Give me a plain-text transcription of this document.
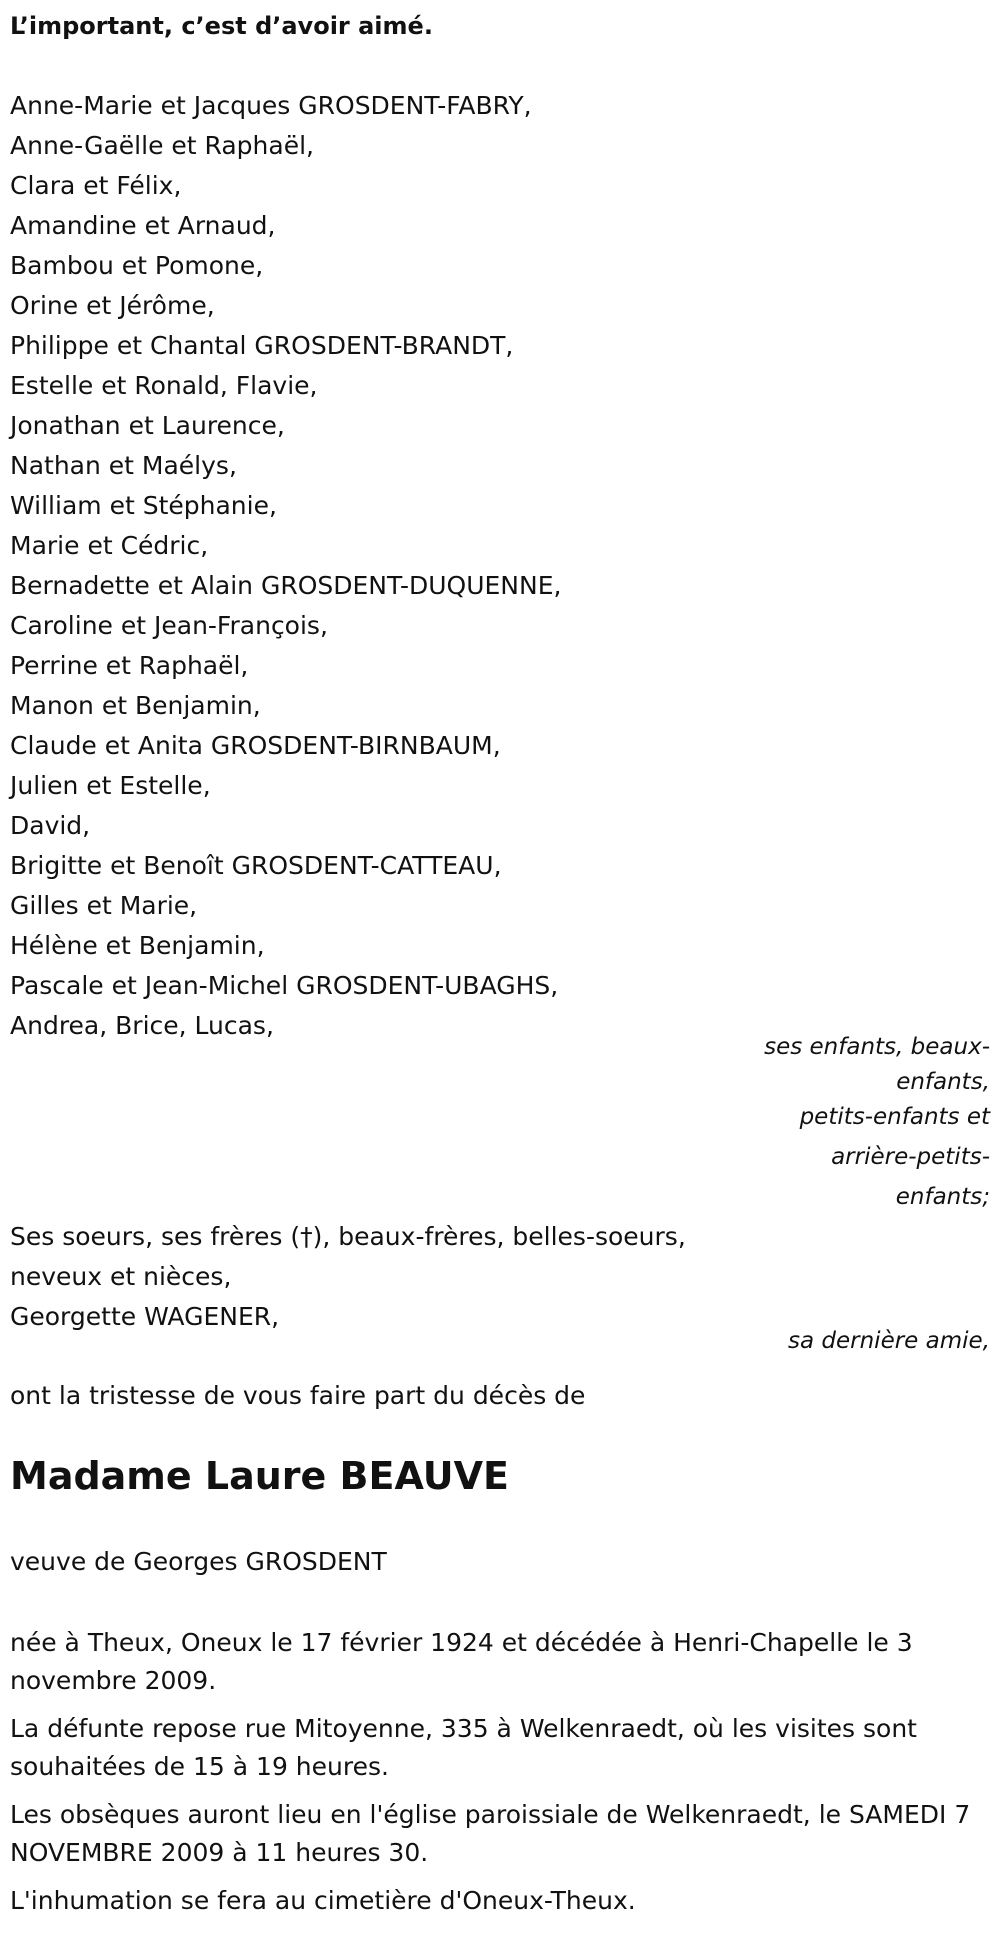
L’important, c’est d’avoir aimé.

Anne-Marie et Jacques GROSDENT-FABRY,
Anne-Gaëlle et Raphaël,
Clara et Félix,
Amandine et Arnaud,
Bambou et Pomone,
Orine et Jérôme,
Philippe et Chantal GROSDENT-BRANDT,
Estelle et Ronald, Flavie,
Jonathan et Laurence,
Nathan et Maélys,
William et Stéphanie,
Marie et Cédric,
Bernadette et Alain GROSDENT-DUQUENNE,
Caroline et Jean-François,
Perrine et Raphaël,
Manon et Benjamin,
Claude et Anita GROSDENT-BIRNBAUM,
Julien et Estelle,
David,
Brigitte et Benoît GROSDENT-CATTEAU,
Gilles et Marie,
Hélène et Benjamin,
Pascale et Jean-Michel GROSDENT-UBAGHS,
Andrea, Brice, Lucas,

ses enfants, beaux-
enfants,

petits-enfants et
arrière-petits-
enfants;

Ses soeurs, ses frères (†), beaux-frères, belles-soeurs,
neveux et nièces,
Georgette WAGENER,

sa dernière amie,

ont la tristesse de vous faire part du décès de

Madame Laure BEAUVE

veuve de Georges GROSDENT

née à Theux, Oneux le 17 février 1924 et décédée à Henri-Chapelle le 3 novembre 2009.

La défunte repose rue Mitoyenne, 335 à Welkenraedt, où les visites sont souhaitées de 15 à 19 heures.

Les obsèques auront lieu en l'église paroissiale de Welkenraedt, le SAMEDI 7 NOVEMBRE 2009 à 11 heures 30.

L'inhumation se fera au cimetière d'Oneux-Theux.
